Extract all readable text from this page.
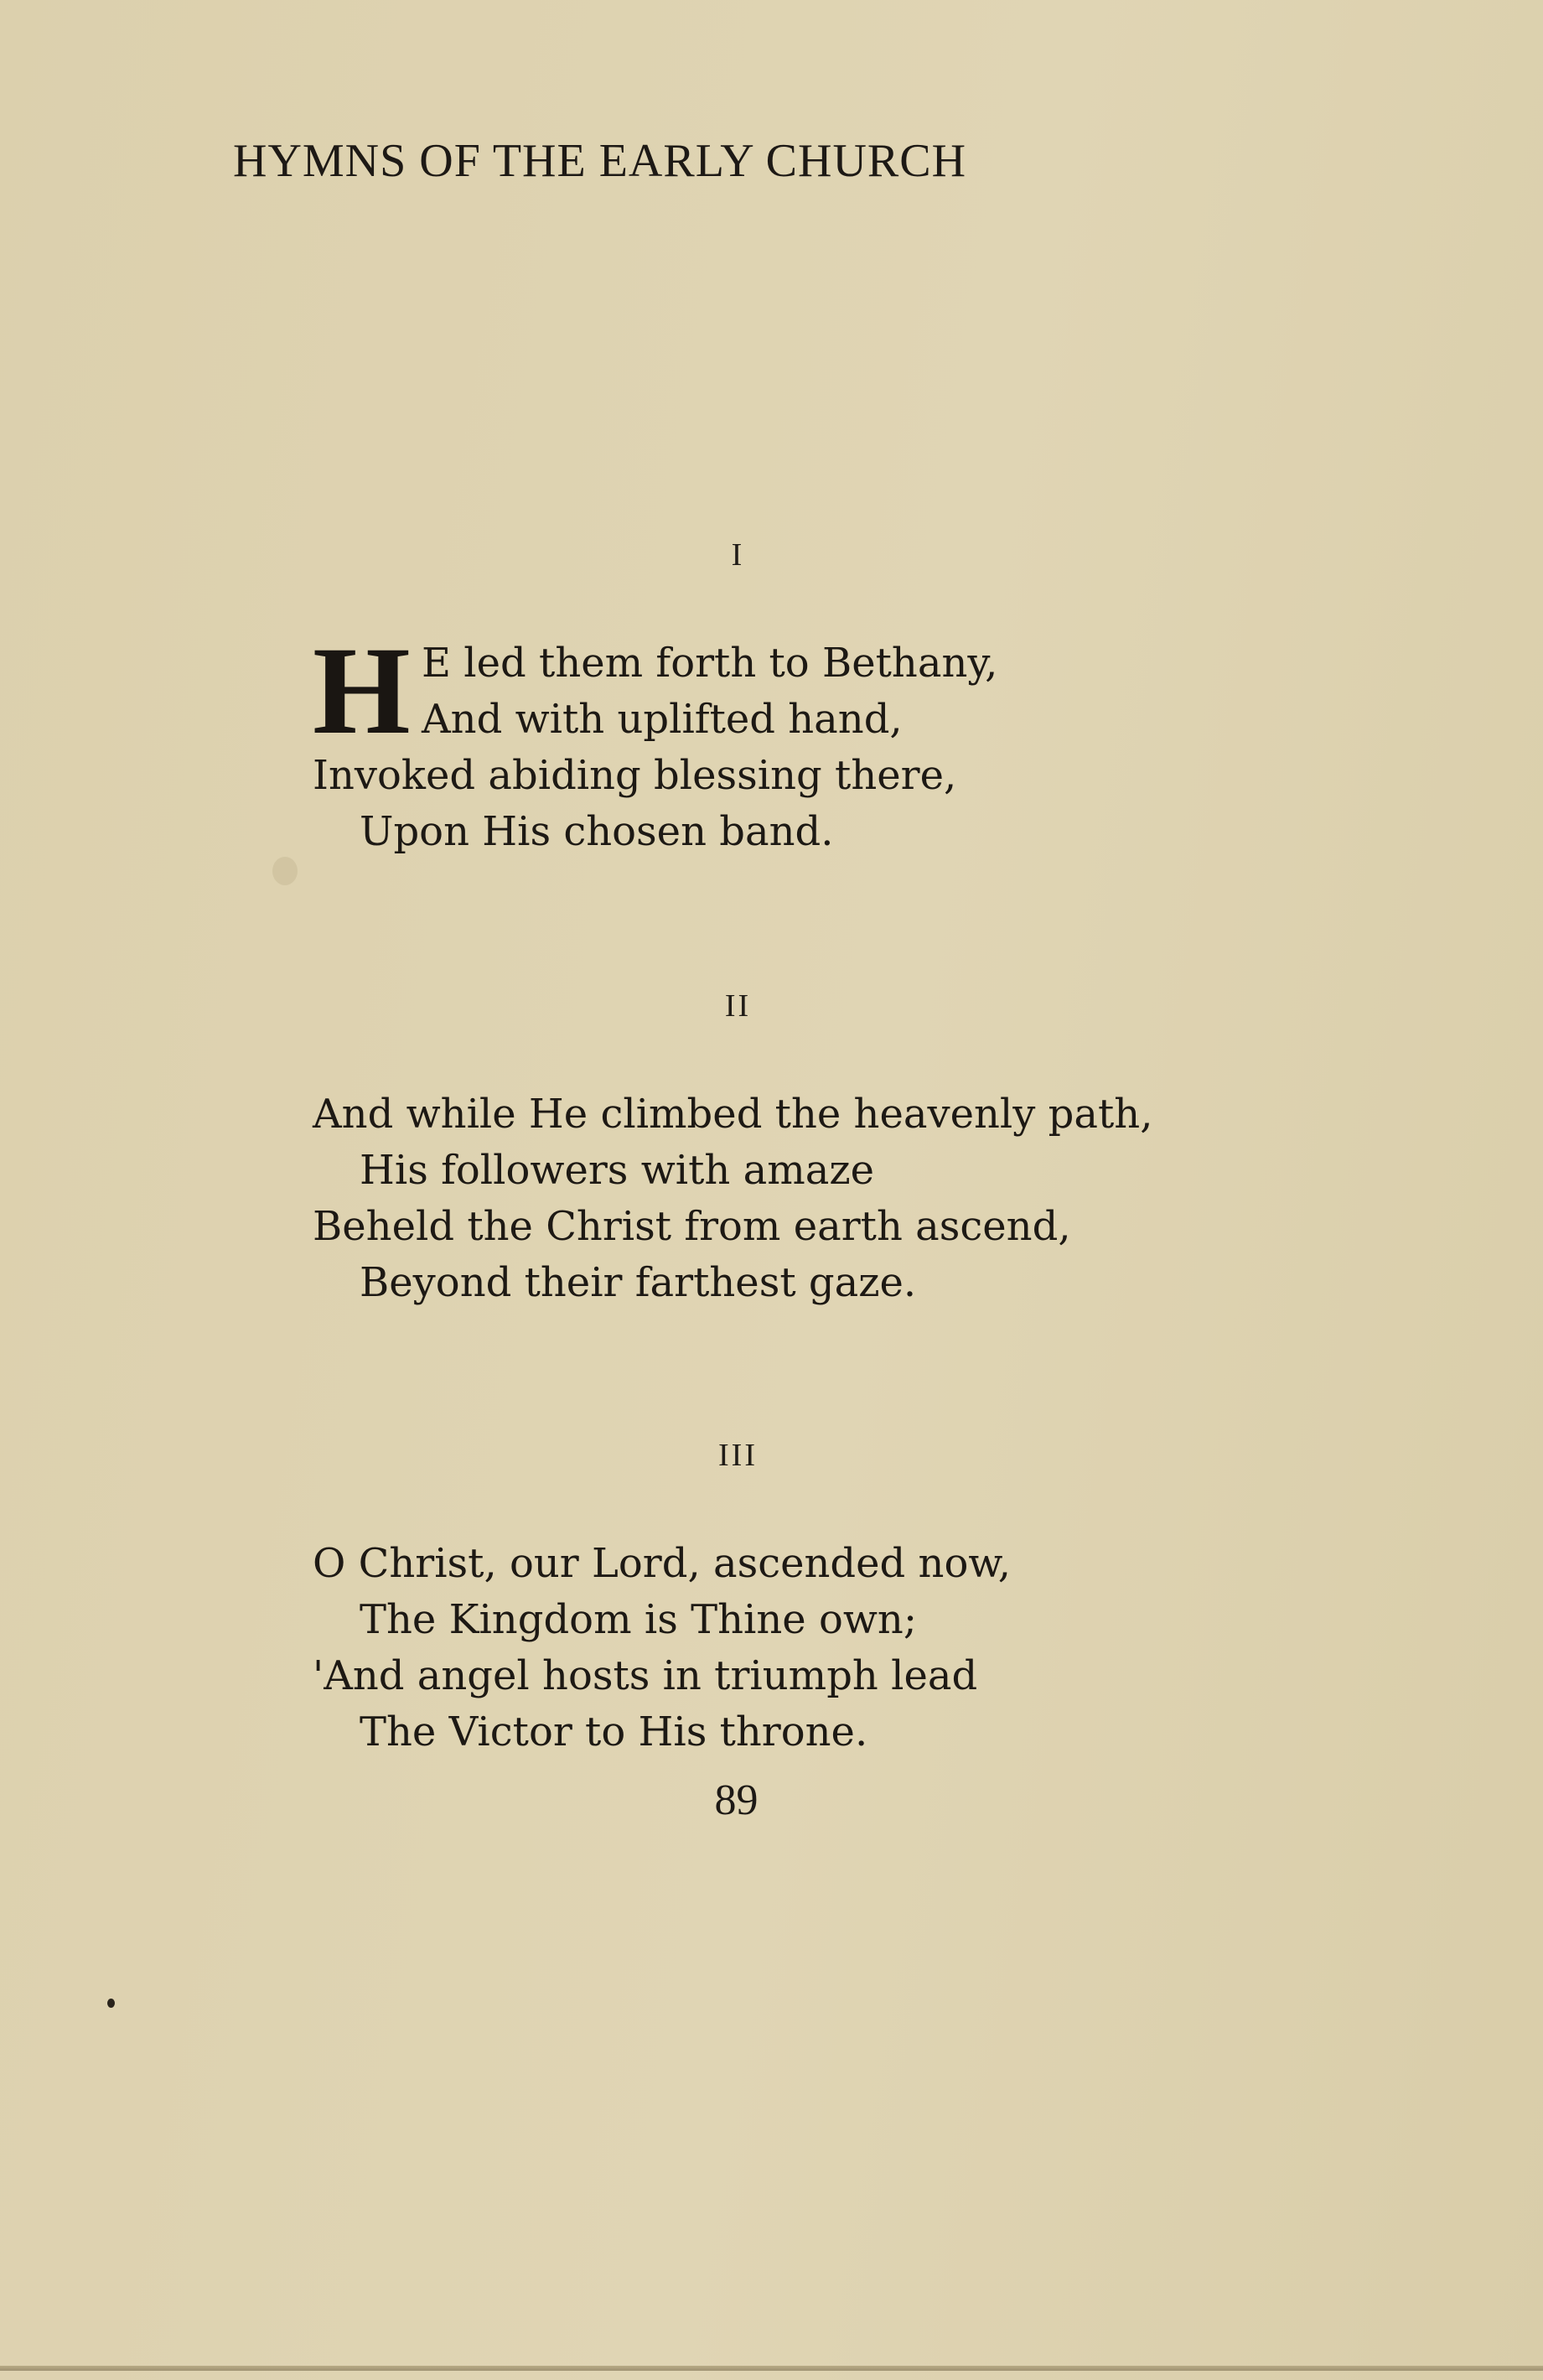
HYMNS OF THE EARLY CHURCH
I
H E led them forth to Bethany,
And with uplifted hand,
Invoked abiding blessing there,
Upon His chosen band.
II
And while He climbed the heavenly path,
His followers with amaze
Beheld the Christ from earth ascend,
Beyond their farthest gaze.
III
O Christ, our Lord, ascended now,
The Kingdom is Thine own;
'And angel hosts in triumph lead
The Victor to His throne.
89
